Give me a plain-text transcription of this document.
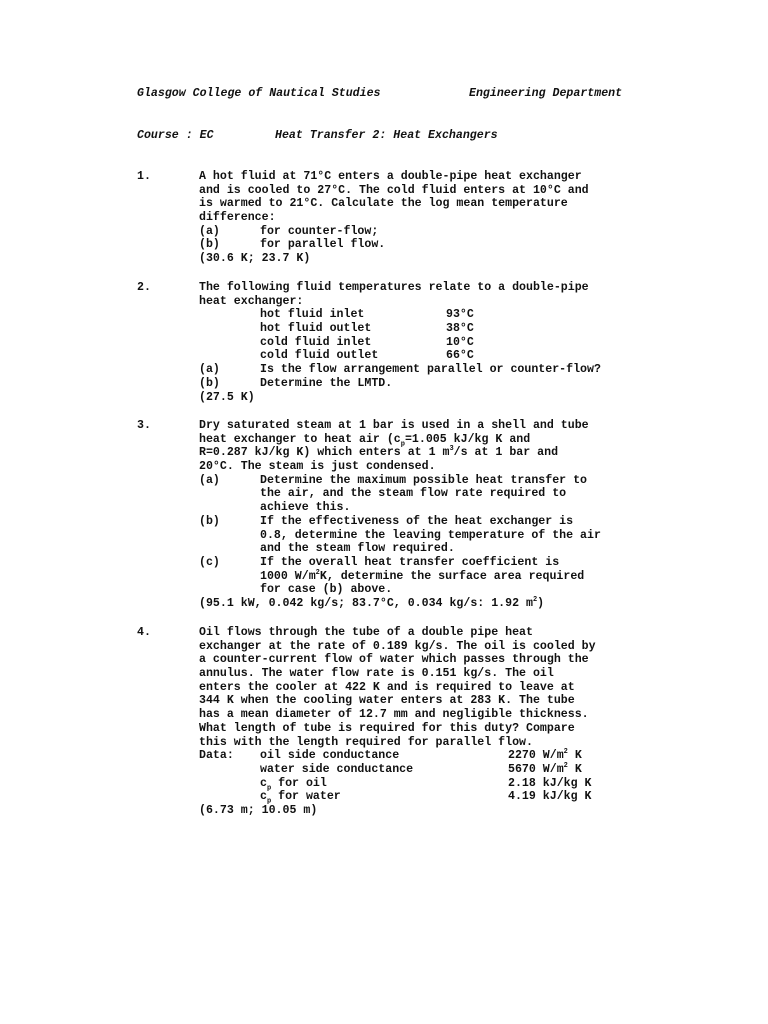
Glasgow College of Nautical Studies	Engineering Department
Course : EC	Heat Transfer 2: Heat Exchangers
1.	A hot fluid at 71°C enters a double-pipe heat exchanger
and is cooled to 27°C. The cold fluid enters at 10°C and
is warmed to 21°C. Calculate the log mean temperature
difference:
(a)	for counter-flow;
(b)	for parallel flow.
(30.6 K; 23.7 K)
2.	The following fluid temperatures relate to a double-pipe
heat exchanger:
hot fluid inlet	93°C
hot fluid outlet	38°C
cold fluid inlet	10°C
cold fluid outlet	66°C
(a)	Is the flow arrangement parallel or counter-flow?
(b)	Determine the LMTD.
(27.5 K)
3.	Dry saturated steam at 1 bar is used in a shell and tube
heat exchanger to heat air ($c_p=1.005$ kJ/kg K and
R=0.287 kJ/kg K) which enters at 1 $m^3/s$ at 1 bar and
20°C. The steam is just condensed.
(a)	Determine the maximum possible heat transfer to
the air, and the steam flow rate required to
achieve this.
(b)	If the effectiveness of the heat exchanger is
0.8, determine the leaving temperature of the air
and the steam flow required.
(c)	If the overall heat transfer coefficient is
1000 $W/m^2K$, determine the surface area required
for case (b) above.
(95.1 kW, 0.042 kg/s; 83.7°C, 0.034 kg/s: 1.92 $m^2$)
4.	Oil flows through the tube of a double pipe heat
exchanger at the rate of 0.189 kg/s. The oil is cooled by
a counter-current flow of water which passes through the
annulus. The water flow rate is 0.151 kg/s. The oil
enters the cooler at 422 K and is required to leave at
344 K when the cooling water enters at 283 K. The tube
has a mean diameter of 12.7 mm and negligible thickness.
What length of tube is required for this duty? Compare
this with the length required for parallel flow.
Data:	oil side conductance	2270 $W/m^2$ K
water side conductance	5670 $W/m^2$ K
$c_p$ for oil	2.18 kJ/kg K
$c_p$ for water	4.19 kJ/kg K
(6.73 m; 10.05 m)
